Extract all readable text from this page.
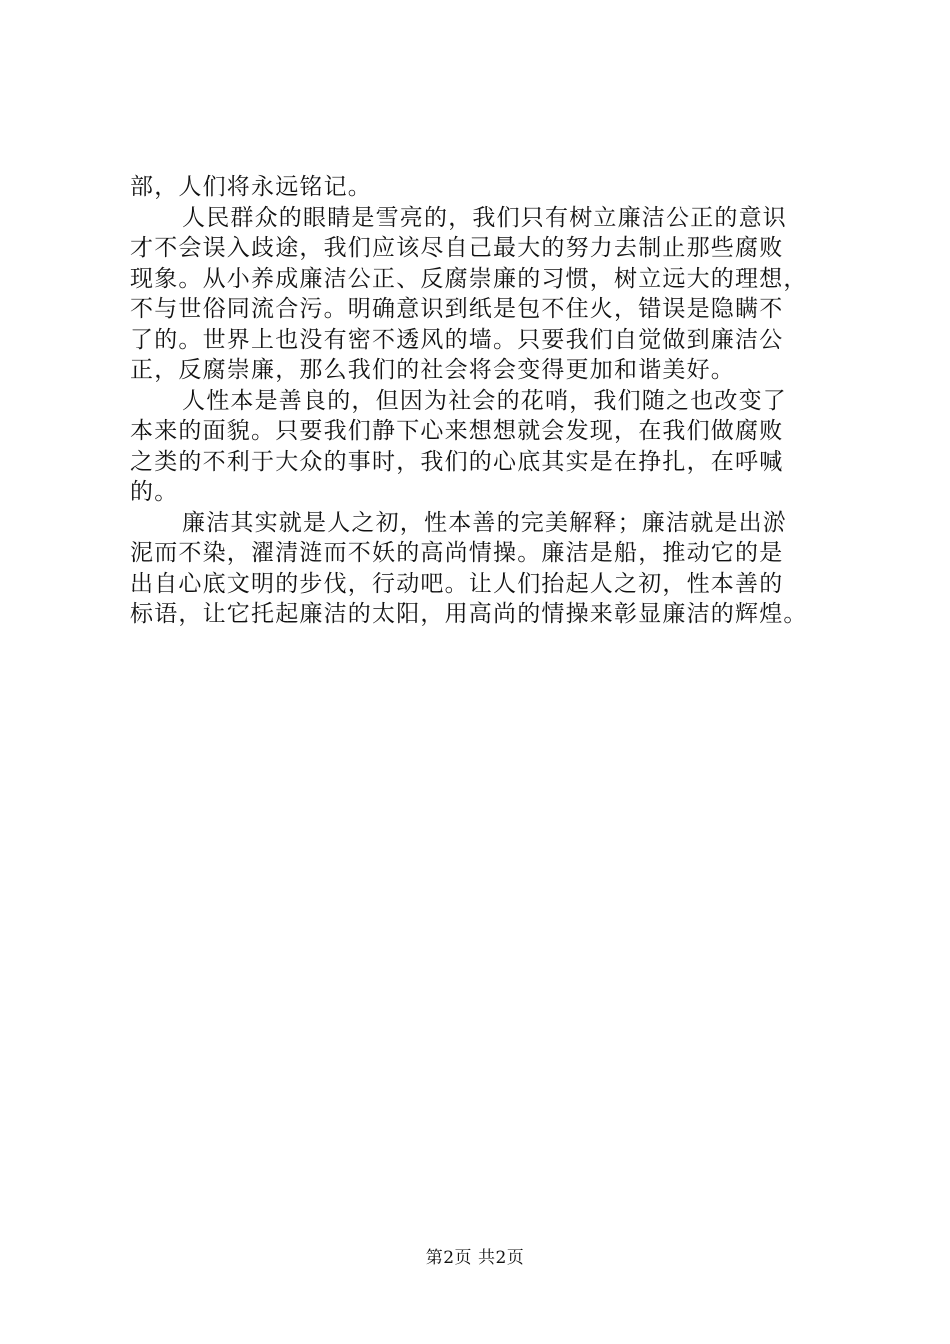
部，人们将永远铭记。
人民群众的眼睛是雪亮的，我们只有树立廉洁公正的意识
才不会误入歧途，我们应该尽自己最大的努力去制止那些腐败
现象。从小养成廉洁公正、反腐崇廉的习惯，树立远大的理想，
不与世俗同流合污。明确意识到纸是包不住火，错误是隐瞒不
了的。世界上也没有密不透风的墙。只要我们自觉做到廉洁公
正，反腐崇廉，那么我们的社会将会变得更加和谐美好。
人性本是善良的，但因为社会的花哨，我们随之也改变了
本来的面貌。只要我们静下心来想想就会发现，在我们做腐败
之类的不利于大众的事时，我们的心底其实是在挣扎，在呼喊
的。
廉洁其实就是人之初，性本善的完美解释；廉洁就是出淤
泥而不染，濯清涟而不妖的高尚情操。廉洁是船，推动它的是
出自心底文明的步伐，行动吧。让人们抬起人之初，性本善的
标语，让它托起廉洁的太阳，用高尚的情操来彰显廉洁的辉煌。
第2页 共2页
